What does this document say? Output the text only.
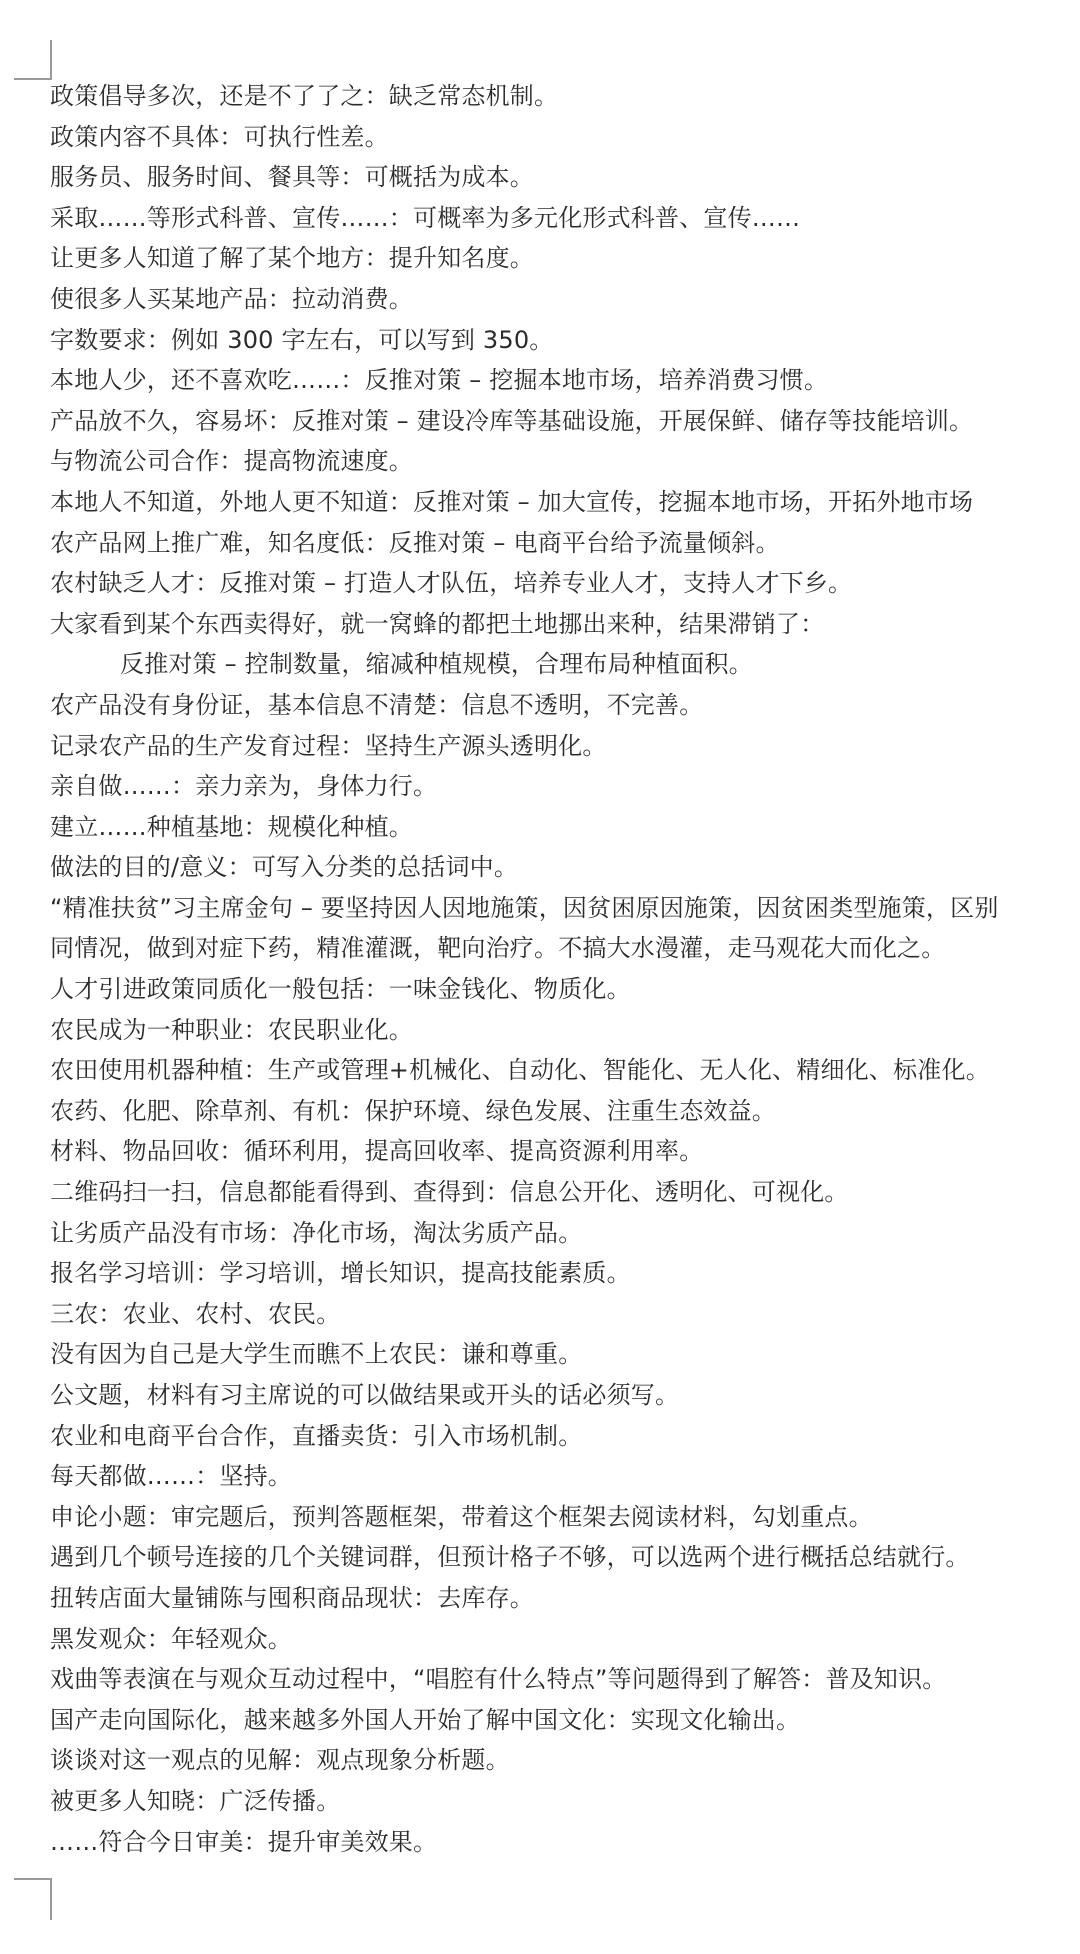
政策倡导多次，还是不了了之：缺乏常态机制。
政策内容不具体：可执行性差。
服务员、服务时间、餐具等：可概括为成本。
采取……等形式科普、宣传……：可概率为多元化形式科普、宣传……
让更多人知道了解了某个地方：提升知名度。
使很多人买某地产品：拉动消费。
字数要求：例如 300 字左右，可以写到 350。
本地人少，还不喜欢吃……：反推对策 – 挖掘本地市场，培养消费习惯。
产品放不久，容易坏：反推对策 – 建设冷库等基础设施，开展保鲜、储存等技能培训。
与物流公司合作：提高物流速度。
本地人不知道，外地人更不知道：反推对策 – 加大宣传，挖掘本地市场，开拓外地市场
农产品网上推广难，知名度低：反推对策 – 电商平台给予流量倾斜。
农村缺乏人才：反推对策 – 打造人才队伍，培养专业人才，支持人才下乡。
大家看到某个东西卖得好，就一窝蜂的都把土地挪出来种，结果滞销了：
反推对策 – 控制数量，缩减种植规模，合理布局种植面积。
农产品没有身份证，基本信息不清楚：信息不透明，不完善。
记录农产品的生产发育过程：坚持生产源头透明化。
亲自做……：亲力亲为，身体力行。
建立……种植基地：规模化种植。
做法的目的/意义：可写入分类的总括词中。
“精准扶贫”习主席金句 – 要坚持因人因地施策，因贫困原因施策，因贫困类型施策，区别
同情况，做到对症下药，精准灌溉，靶向治疗。不搞大水漫灌，走马观花大而化之。
人才引进政策同质化一般包括：一味金钱化、物质化。
农民成为一种职业：农民职业化。
农田使用机器种植：生产或管理+机械化、自动化、智能化、无人化、精细化、标准化。
农药、化肥、除草剂、有机：保护环境、绿色发展、注重生态效益。
材料、物品回收：循环利用，提高回收率、提高资源利用率。
二维码扫一扫，信息都能看得到、查得到：信息公开化、透明化、可视化。
让劣质产品没有市场：净化市场，淘汰劣质产品。
报名学习培训：学习培训，增长知识，提高技能素质。
三农：农业、农村、农民。
没有因为自己是大学生而瞧不上农民：谦和尊重。
公文题，材料有习主席说的可以做结果或开头的话必须写。
农业和电商平台合作，直播卖货：引入市场机制。
每天都做……：坚持。
申论小题：审完题后，预判答题框架，带着这个框架去阅读材料，勾划重点。
遇到几个顿号连接的几个关键词群，但预计格子不够，可以选两个进行概括总结就行。
扭转店面大量铺陈与囤积商品现状：去库存。
黑发观众：年轻观众。
戏曲等表演在与观众互动过程中，“唱腔有什么特点”等问题得到了解答：普及知识。
国产走向国际化，越来越多外国人开始了解中国文化：实现文化输出。
谈谈对这一观点的见解：观点现象分析题。
被更多人知晓：广泛传播。
……符合今日审美：提升审美效果。
